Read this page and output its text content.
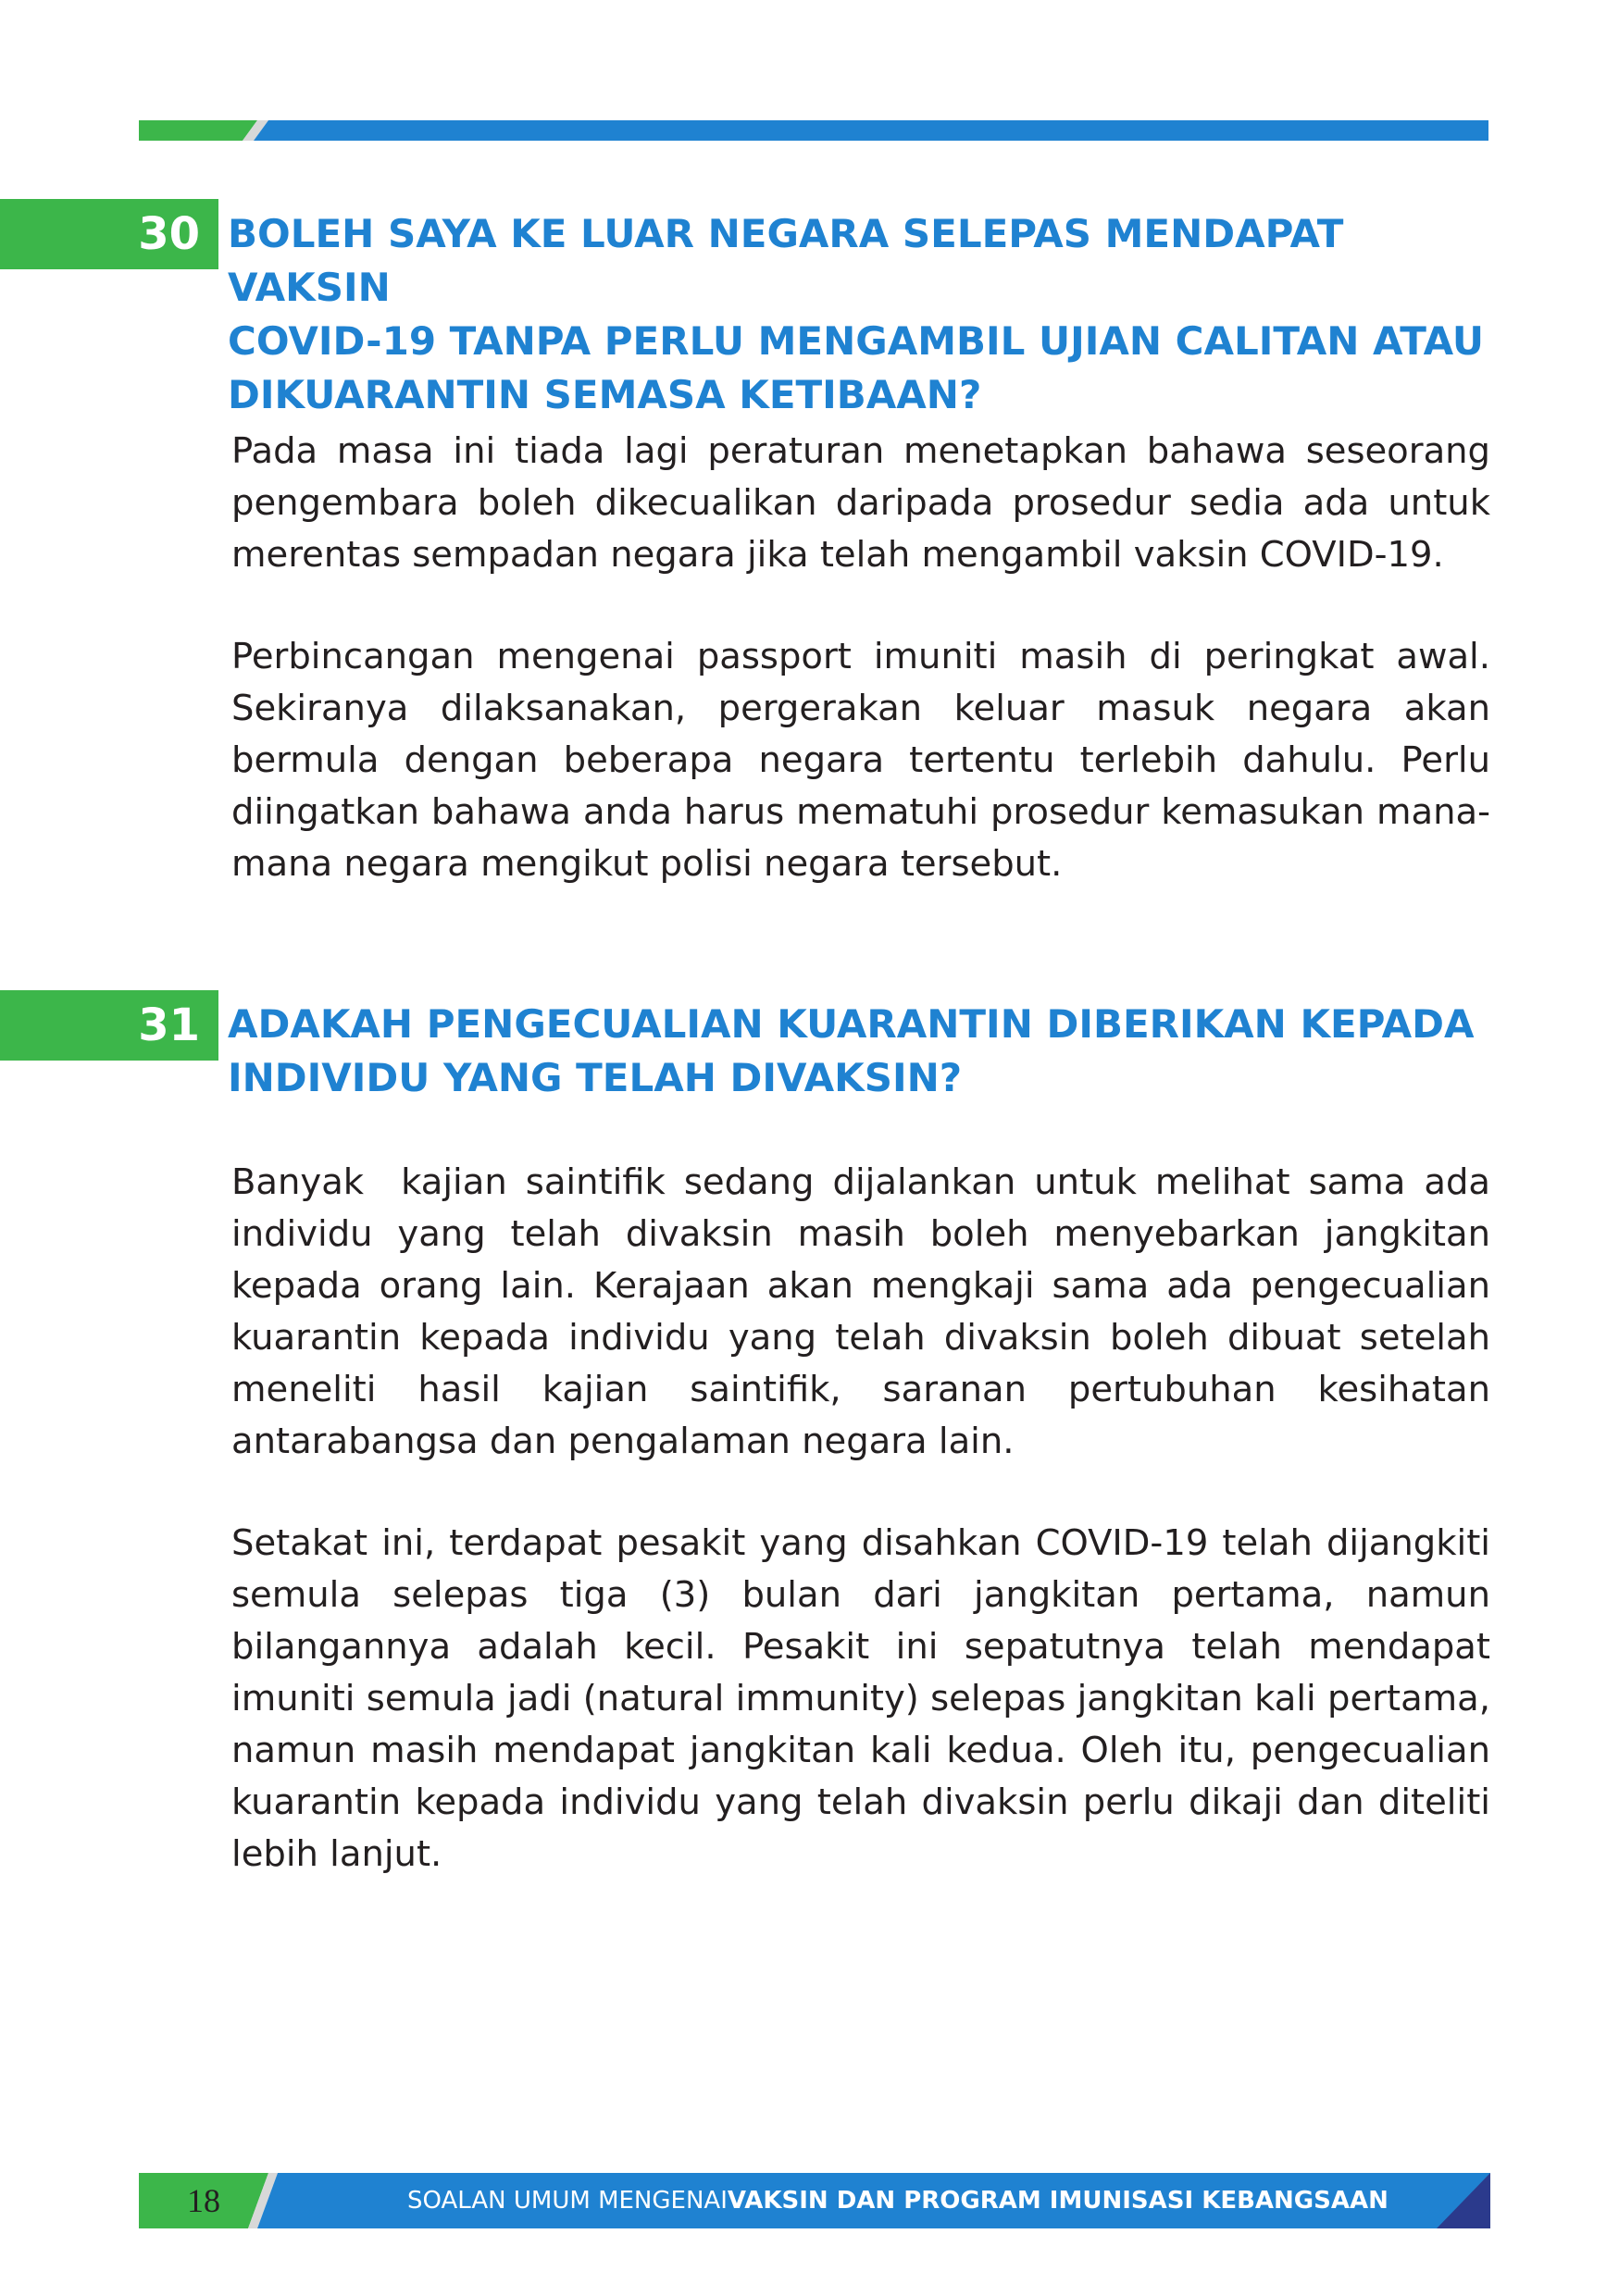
30 BOLEH SAYA KE LUAR NEGARA SELEPAS MENDAPAT VAKSIN
COVID-19 TANPA PERLU MENGAMBIL UJIAN CALITAN ATAU
DIKUARANTIN SEMASA KETIBAAN?

Pada masa ini tiada lagi peraturan menetapkan bahawa seseorang pengembara boleh dikecualikan daripada prosedur sedia ada untuk merentas sempadan negara jika telah mengambil vaksin COVID-19.

Perbincangan mengenai passport imuniti masih di peringkat awal. Sekiranya dilaksanakan, pergerakan keluar masuk negara akan bermula dengan beberapa negara tertentu terlebih dahulu. Perlu diingatkan bahawa anda harus mematuhi prosedur kemasukan mana-mana negara mengikut polisi negara tersebut.

31 ADAKAH PENGECUALIAN KUARANTIN DIBERIKAN KEPADA
INDIVIDU YANG TELAH DIVAKSIN?

Banyak  kajian saintifik sedang dijalankan untuk melihat sama ada individu yang telah divaksin masih boleh menyebarkan jangkitan kepada orang lain. Kerajaan akan mengkaji sama ada pengecualian kuarantin kepada individu yang telah divaksin boleh dibuat setelah meneliti hasil kajian saintifik, saranan pertubuhan kesihatan antarabangsa dan pengalaman negara lain.

Setakat ini, terdapat pesakit yang disahkan COVID-19 telah dijangkiti semula selepas tiga (3) bulan dari jangkitan pertama, namun bilangannya adalah kecil. Pesakit ini sepatutnya telah mendapat imuniti semula jadi (natural immunity) selepas jangkitan kali pertama, namun masih mendapat jangkitan kali kedua. Oleh itu, pengecualian kuarantin kepada individu yang telah divaksin perlu dikaji dan diteliti lebih lanjut.

18	SOALAN UMUM MENGENAI VAKSIN DAN PROGRAM IMUNISASI KEBANGSAAN
